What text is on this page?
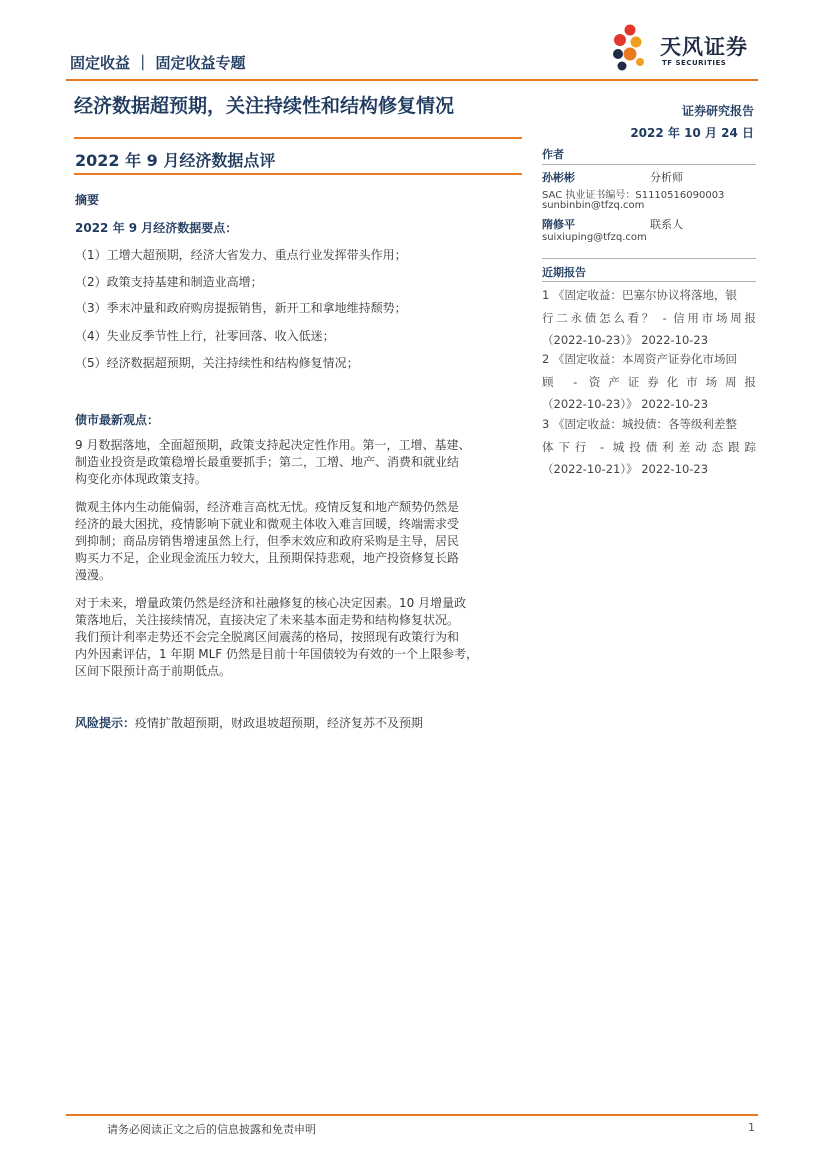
固定收益 ｜ 固定收益专题
天风证券
TF SECURITIES
经济数据超预期，关注持续性和结构修复情况	证券研究报告
2022 年 10 月 24 日
2022 年 9 月经济数据点评	作者
孙彬彬	分析师
SAC 执业证书编号：S1110516090003
sunbinbin@tfzq.com
隋修平	联系人
suixiuping@tfzq.com
近期报告
1 《固定收益：巴塞尔协议将落地，银
行二永债怎么看？ - 信用市场周报
（2022-10-23）》 2022-10-23
2 《固定收益：本周资产证券化市场回
顾 - 资产证券化市场周报
（2022-10-23）》 2022-10-23
3 《固定收益：城投债：各等级利差整
体下行 - 城投债利差动态跟踪
（2022-10-21）》 2022-10-23
摘要
2022 年 9 月经济数据要点：
（1）工增大超预期，经济大省发力、重点行业发挥带头作用；
（2）政策支持基建和制造业高增；
（3）季末冲量和政府购房提振销售，新开工和拿地维持颓势；
（4）失业反季节性上行，社零回落、收入低迷；
（5）经济数据超预期，关注持续性和结构修复情况；
债市最新观点：
9 月数据落地，全面超预期，政策支持起决定性作用。第一，工增、基建、
制造业投资是政策稳增长最重要抓手；第二，工增、地产、消费和就业结
构变化亦体现政策支持。
微观主体内生动能偏弱，经济难言高枕无忧。疫情反复和地产颓势仍然是
经济的最大困扰，疫情影响下就业和微观主体收入难言回暖，终端需求受
到抑制；商品房销售增速虽然上行，但季末效应和政府采购是主导，居民
购买力不足，企业现金流压力较大，且预期保持悲观，地产投资修复长路
漫漫。
对于未来，增量政策仍然是经济和社融修复的核心决定因素。10 月增量政
策落地后，关注接续情况，直接决定了未来基本面走势和结构修复状况。
我们预计利率走势还不会完全脱离区间震荡的格局，按照现有政策行为和
内外因素评估，1 年期 MLF 仍然是目前十年国债较为有效的一个上限参考，
区间下限预计高于前期低点。
风险提示：疫情扩散超预期，财政退坡超预期，经济复苏不及预期
请务必阅读正文之后的信息披露和免责申明	1
